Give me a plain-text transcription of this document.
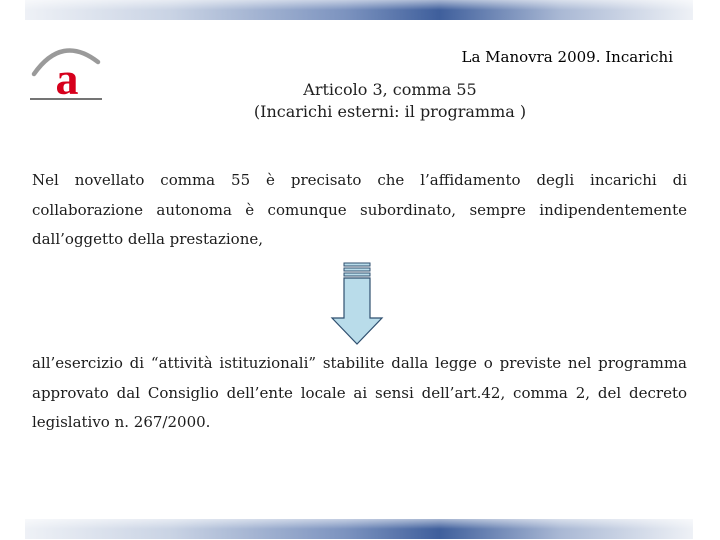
a	La Manovra 2009. Incarichi
Articolo 3, comma 55
(Incarichi esterni: il programma )
Nel novellato comma 55 è precisato che l’affidamento degli incarichi di collaborazione autonoma è comunque subordinato, sempre indipendentemente dall’oggetto della prestazione,
all’esercizio di “attività istituzionali” stabilite dalla legge o previste nel programma approvato dal Consiglio dell’ente locale ai sensi dell’art.42, comma 2, del decreto legislativo n. 267/2000.
